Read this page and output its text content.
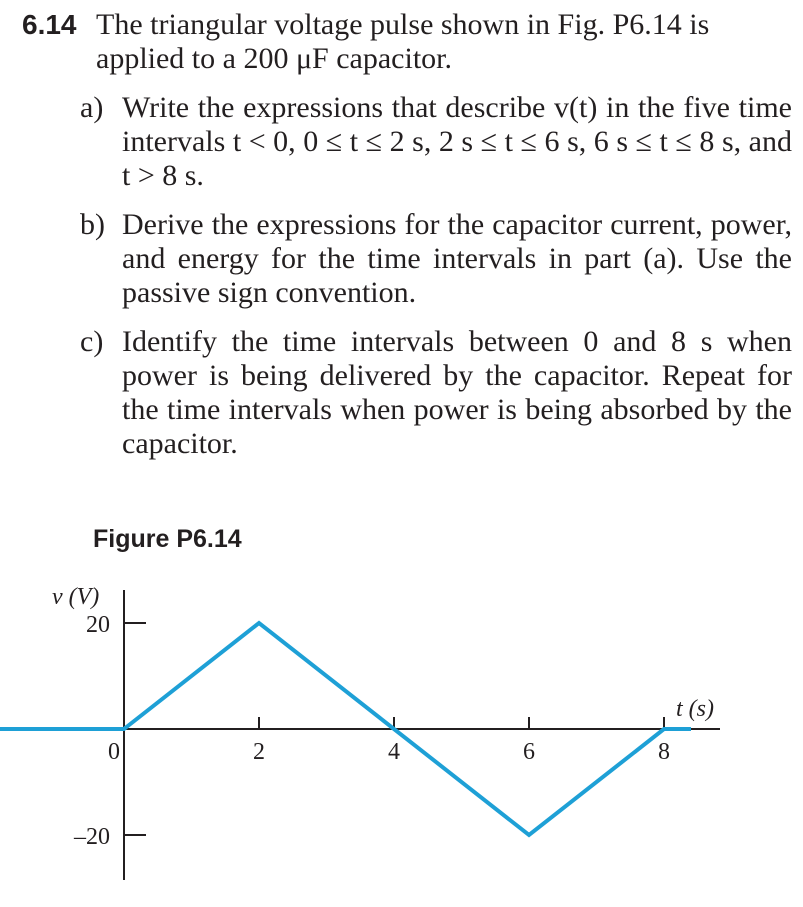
6.14 The triangular voltage pulse shown in Fig. P6.14 is applied to a 200 μF capacitor.
a) Write the expressions that describe v(t) in the five time intervals t < 0, 0 ≤ t ≤ 2 s, 2 s ≤ t ≤ 6 s, 6 s ≤ t ≤ 8 s, and t > 8 s.
b) Derive the expressions for the capacitor current, power, and energy for the time intervals in part (a). Use the passive sign convention.
c) Identify the time intervals between 0 and 8 s when power is being delivered by the capacitor. Repeat for the time intervals when power is being absorbed by the capacitor.
Figure P6.14
0	2	4	6	8
20
–20
v (V)
t (s)
